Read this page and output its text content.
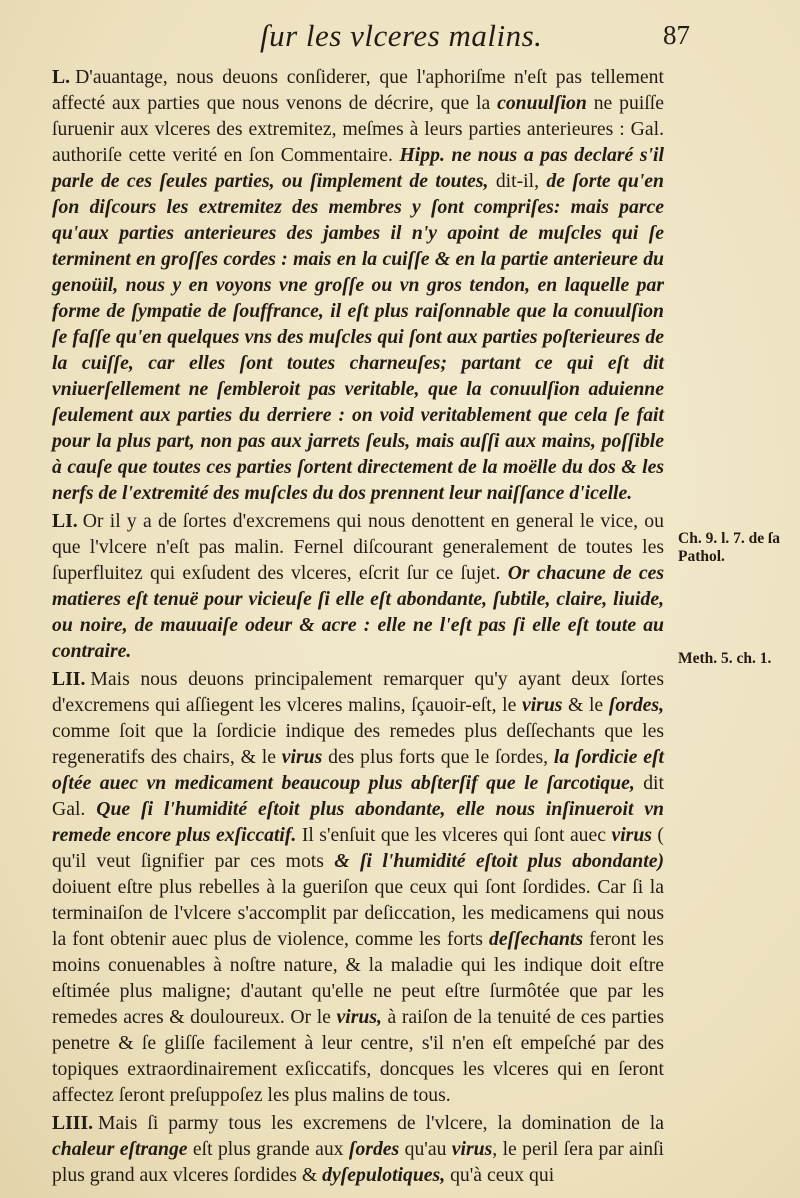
ſur les vlceres malins.	87

L. D'auantage, nous deuons conſiderer, que l'aphoriſme n'eſt pas tellement affecté aux parties que nous venons de décrire, que la conuulſion ne puiſſe ſuruenir aux vlceres des extremitez, meſmes à leurs parties anterieures : Gal. authoriſe cette verité en ſon Commentaire. Hipp. ne nous a pas declaré s'il parle de ces ſeules parties, ou ſimplement de toutes, dit-il, de ſorte qu'en ſon diſcours les extremitez des membres y ſont compriſes: mais parce qu'aux parties anterieures des jambes il n'y apoint de muſcles qui ſe terminent en groſſes cordes : mais en la cuiſſe & en la partie anterieure du genoüil, nous y en voyons vne groſſe ou vn gros tendon, en laquelle par forme de ſympatie de ſouffrance, il eſt plus raiſonnable que la conuulſion ſe faſſe qu'en quelques vns des muſcles qui ſont aux parties poſterieures de la cuiſſe, car elles ſont toutes charneuſes; partant ce qui eſt dit vniuerſellement ne ſembleroit pas veritable, que la conuulſion aduienne ſeulement aux parties du derriere : on void veritablement que cela ſe fait pour la plus part, non pas aux jarrets ſeuls, mais auſſi aux mains, poſſible à cauſe que toutes ces parties ſortent directement de la moëlle du dos & les nerfs de l'extremité des muſcles du dos prennent leur naiſſance d'icelle.

LI. Or il y a de ſortes d'excremens qui nous denottent en general le vice, ou que l'vlcere n'eſt pas malin. Fernel diſcourant generalement de toutes les ſuperfluitez qui exſudent des vlceres, eſcrit ſur ce ſujet. Or chacune de ces matieres eſt tenuë pour vicieuſe ſi elle eſt abondante, ſubtile, claire, liuide, ou noire, de mauuaiſe odeur & acre : elle ne l'eſt pas ſi elle eſt toute au contraire.

LII. Mais nous deuons principalement remarquer qu'y ayant deux ſortes d'excremens qui aſſiegent les vlceres malins, ſçauoir-eſt, le virus & le ſordes, comme ſoit que la ſordicie indique des remedes plus deſſechants que les regeneratifs des chairs, & le virus des plus forts que le ſordes, la ſordicie eſt oſtée auec vn medicament beaucoup plus abſterſif que le ſarcotique, dit Gal. Que ſi l'humidité eſtoit plus abondante, elle nous inſinueroit vn remede encore plus exſiccatif. Il s'enſuit que les vlceres qui ſont auec virus ( qu'il veut ſignifier par ces mots & ſi l'humidité eſtoit plus abondante) doiuent eſtre plus rebelles à la gueriſon que ceux qui ſont ſordides. Car ſi la terminaiſon de l'vlcere s'accomplit par deſiccation, les medicamens qui nous la font obtenir auec plus de violence, comme les forts deſſechants feront les moins conuenables à noſtre nature, & la maladie qui les indique doit eſtre eſtimée plus maligne; d'autant qu'elle ne peut eſtre ſurmôtée que par les remedes acres & douloureux. Or le virus, à raiſon de la tenuité de ces parties penetre & ſe gliſſe facilement à leur centre, s'il n'en eſt empeſché par des topiques extraordinairement exſiccatifs, doncques les vlceres qui en ſeront affectez ſeront preſuppoſez les plus malins de tous.

LIII. Mais ſi parmy tous les excremens de l'vlcere, la domination de la chaleur eſtrange eſt plus grande aux ſordes qu'au virus, le peril ſera par ainſi plus grand aux vlceres ſordides & dyſepulotiques, qu'à ceux qui

Ch. 9. l. 7. de ſa Pathol.
Meth. 5. ch. 1.
